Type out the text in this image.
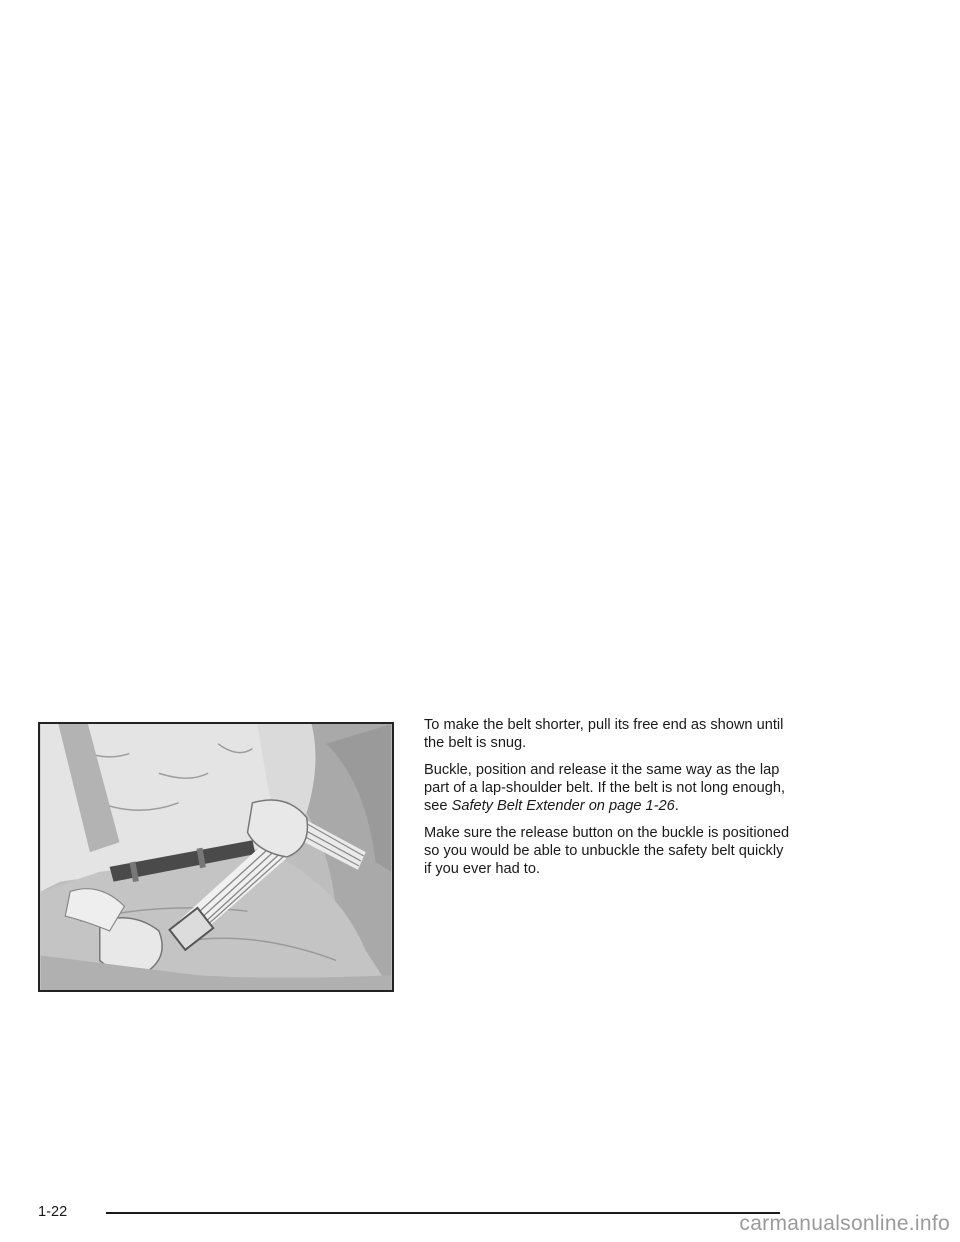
To make the belt shorter, pull its free end as shown until the belt is snug.

Buckle, position and release it the same way as the lap part of a lap-shoulder belt. If the belt is not long enough, see Safety Belt Extender on page 1-26.

Make sure the release button on the buckle is positioned so you would be able to unbuckle the safety belt quickly if you ever had to.

1-22	carmanualsonline.info
